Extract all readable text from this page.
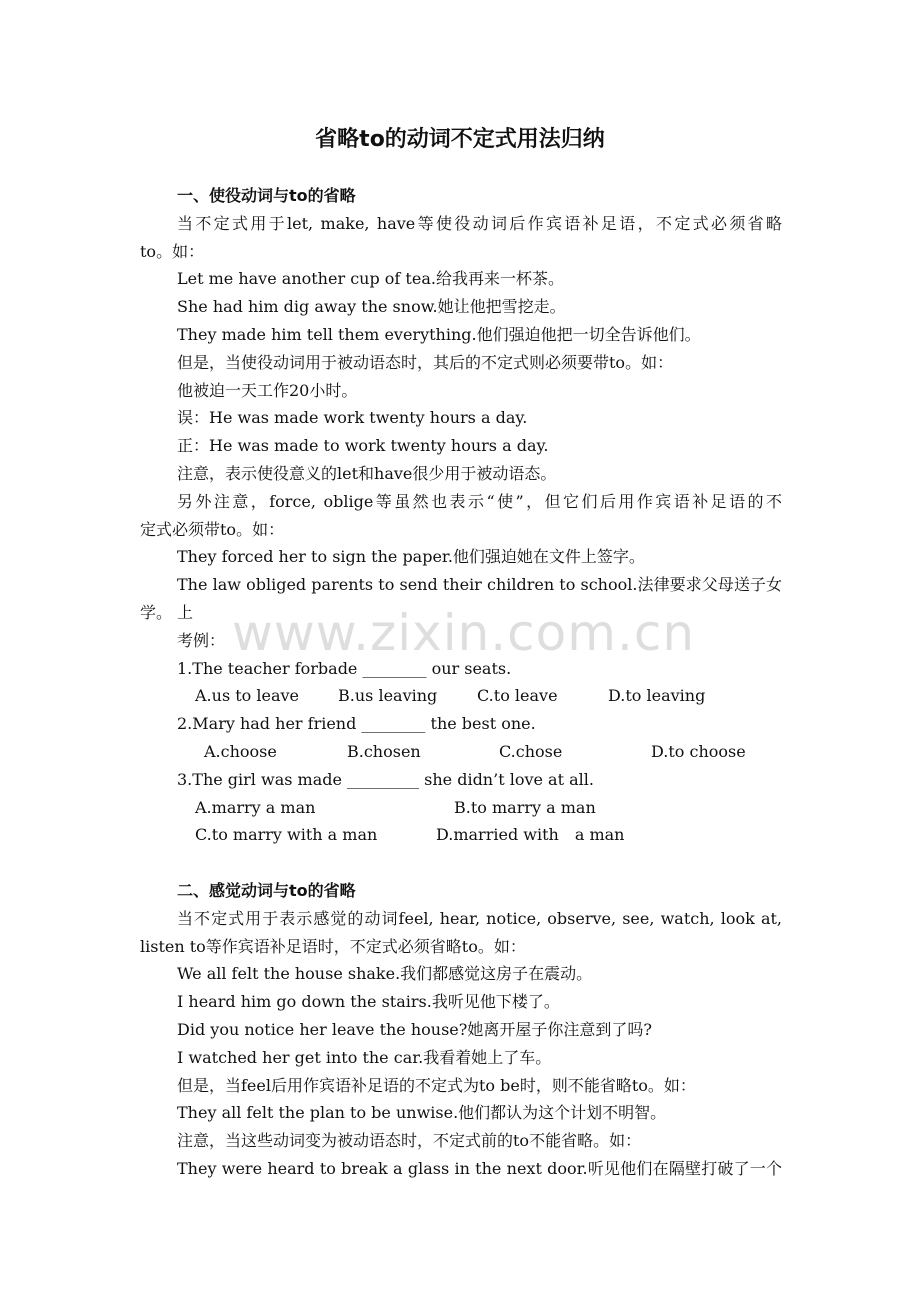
省略to的动词不定式用法归纳
www.zixin.com.cn
一、使役动词与to的省略
当不定式用于let, make, have等使役动词后作宾语补足语，不定式必须省略
to。如：
Let me have another cup of tea.给我再来一杯茶。
She had him dig away the snow.她让他把雪挖走。
They made him tell them everything.他们强迫他把一切全告诉他们。
但是，当使役动词用于被动语态时，其后的不定式则必须要带to。如：
他被迫一天工作20小时。
误：He was made work twenty hours a day.
正：He was made to work twenty hours a day.
注意，表示使役意义的let和have很少用于被动语态。
另外注意，force, oblige等虽然也表示“使”，但它们后用作宾语补足语的不
定式必须带to。如：
They forced her to sign the paper.他们强迫她在文件上签字。
The law obliged parents to send their children to school.法律要求父母送子女上
学。
考例：
1.The teacher forbade ________ our seats.
A.us to leave B.us leaving C.to leave	D.to leaving
2.Mary had her friend ________ the best one.
A.choose	B.chosen	C.chose	D.to choose
3.The girl was made _________ she didn’t love at all.
A.marry a man	B.to marry a man
C.to marry with a man	D.married with　a man
二、感觉动词与to的省略
当不定式用于表示感觉的动词feel, hear, notice, observe, see, watch, look at,
listen to等作宾语补足语时，不定式必须省略to。如：
We all felt the house shake.我们都感觉这房子在震动。
I heard him go down the stairs.我听见他下楼了。
Did you notice her leave the house?她离开屋子你注意到了吗?
I watched her get into the car.我看着她上了车。
但是，当feel后用作宾语补足语的不定式为to be时，则不能省略to。如：
They all felt the plan to be unwise.他们都认为这个计划不明智。
注意，当这些动词变为被动语态时，不定式前的to不能省略。如：
They were heard to break a glass in the next door.听见他们在隔壁打破了一个
